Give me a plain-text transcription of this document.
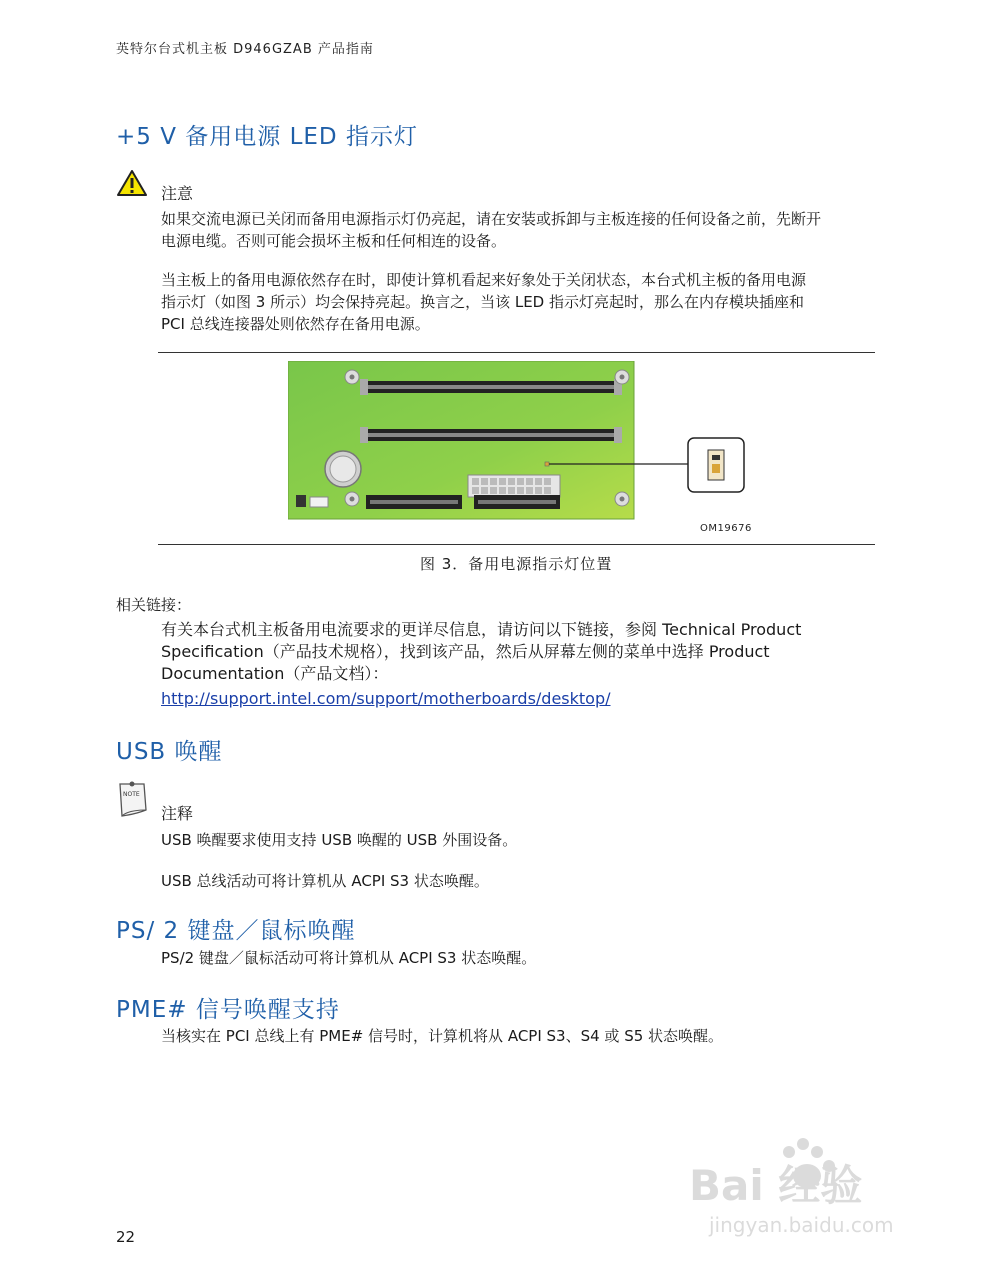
英特尔台式机主板 D946GZAB 产品指南
+5 V 备用电源 LED 指示灯
注意
如果交流电源已关闭而备用电源指示灯仍亮起，请在安装或拆卸与主板连接的任何设备之前，先断开
电源电缆。否则可能会损坏主板和任何相连的设备。
当主板上的备用电源依然存在时，即使计算机看起来好象处于关闭状态，本台式机主板的备用电源
指示灯（如图 3 所示）均会保持亮起。换言之，当该 LED 指示灯亮起时，那么在内存模块插座和
PCI 总线连接器处则依然存在备用电源。
OM19676
图 3．备用电源指示灯位置
相关链接：
有关本台式机主板备用电流要求的更详尽信息，请访问以下链接，参阅 Technical Product
Specification（产品技术规格），找到该产品，然后从屏幕左侧的菜单中选择 Product
Documentation（产品文档）：
http://support.intel.com/support/motherboards/desktop/
USB 唤醒
NOTE
注释
USB 唤醒要求使用支持 USB 唤醒的 USB 外围设备。
USB 总线活动可将计算机从 ACPI S3 状态唤醒。
PS/ 2 键盘／鼠标唤醒
PS/2 键盘／鼠标活动可将计算机从 ACPI S3 状态唤醒。
PME# 信号唤醒支持
当核实在 PCI 总线上有 PME# 信号时，计算机将从 ACPI S3、S4 或 S5 状态唤醒。
22
Bai 经验
jingyan.baidu.com
